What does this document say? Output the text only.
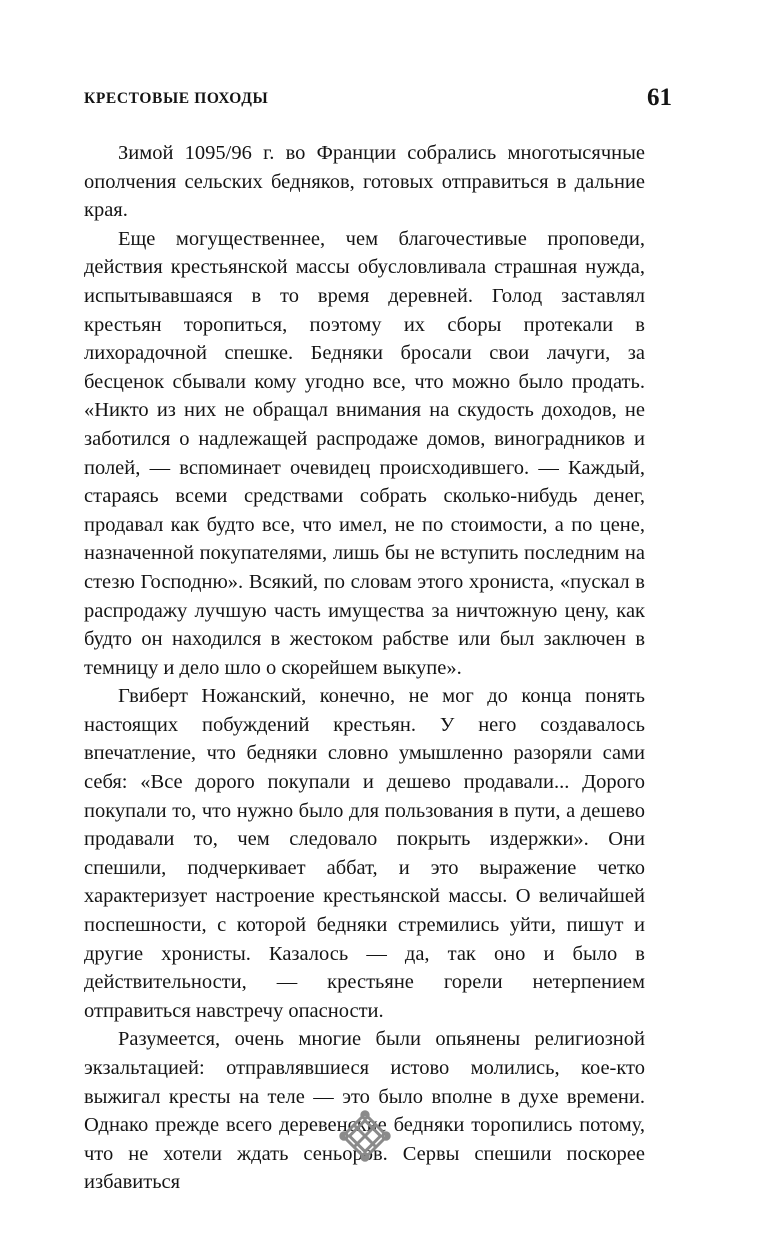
КРЕСТОВЫЕ ПОХОДЫ	61

Зимой 1095/96 г. во Франции собрались многотысячные ополчения сельских бедняков, готовых отправиться в дальние края.

Еще могущественнее, чем благочестивые проповеди, действия крестьянской массы обусловливала страшная нужда, испытывавшаяся в то время деревней. Голод заставлял крестьян торопиться, поэтому их сборы протекали в лихорадочной спешке. Бедняки бросали свои лачуги, за бесценок сбывали кому угодно все, что можно было продать. «Никто из них не обращал внимания на скудость доходов, не заботился о надлежащей распродаже домов, виноградников и полей, — вспоминает очевидец происходившего. — Каждый, стараясь всеми средствами собрать сколько-нибудь денег, продавал как будто все, что имел, не по стоимости, а по цене, назначенной покупателями, лишь бы не вступить последним на стезю Господню». Всякий, по словам этого хрониста, «пускал в распродажу лучшую часть имущества за ничтожную цену, как будто он находился в жестоком рабстве или был заключен в темницу и дело шло о скорейшем выкупе».

Гвиберт Ножанский, конечно, не мог до конца понять настоящих побуждений крестьян. У него создавалось впечатление, что бедняки словно умышленно разоряли сами себя: «Все дорого покупали и дешево продавали... Дорого покупали то, что нужно было для пользования в пути, а дешево продавали то, чем следовало покрыть издержки». Они спешили, подчеркивает аббат, и это выражение четко характеризует настроение крестьянской массы. О величайшей поспешности, с которой бедняки стремились уйти, пишут и другие хронисты. Казалось — да, так оно и было в действительности, — крестьяне горели нетерпением отправиться навстречу опасности.

Разумеется, очень многие были опьянены религиозной экзальтацией: отправлявшиеся истово молились, кое-кто выжигал кресты на теле — это было вполне в духе времени. Однако прежде всего деревенские бедняки торопились потому, что не хотели ждать сеньоров. Сервы спешили поскорее избавиться
